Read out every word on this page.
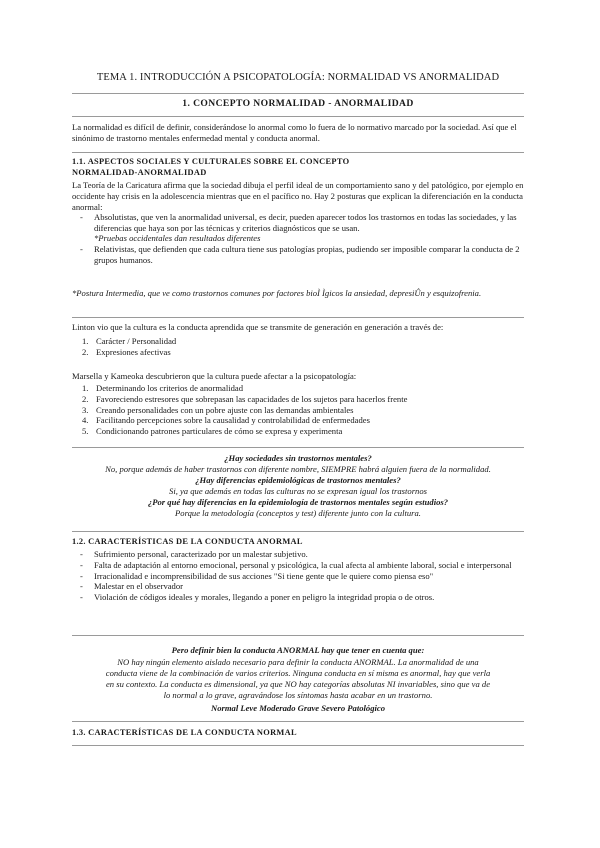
TEMA 1. INTRODUCCIÓN A PSICOPATOLOGÍA: NORMALIDAD VS ANORMALIDAD
1. CONCEPTO NORMALIDAD - ANORMALIDAD

La normalidad es difícil de definir, considerándose lo anormal como lo fuera de lo normativo marcado por la sociedad. Así que el sinónimo de trastorno mentales enfermedad mental y conducta anormal.

1.1. ASPECTOS SOCIALES Y CULTURALES SOBRE EL CONCEPTO NORMALIDAD-ANORMALIDAD

La Teoría de la Caricatura afirma que la sociedad dibuja el perfil ideal de un comportamiento sano y del patológico, por ejemplo en occidente hay crisis en la adolescencia mientras que en el pacífico no. Hay 2 posturas que explican la diferenciación en la conducta anormal:

- Absolutistas, que ven la anormalidad universal, es decir, pueden aparecer todos los trastornos en todas las sociedades, y las diferencias que haya son por las técnicas y criterios diagnósticos que se usan.

*Pruebas occidentales dan resultados diferentes

- Relativistas, que defienden que cada cultura tiene sus patologías propias, pudiendo ser imposible comparar la conducta de 2 grupos humanos.

*Postura Intermedia, que ve como trastornos comunes por factores bioÌ Ìgicos la ansiedad, depresiÛn y esquizofrenia.

Linton vio que la cultura es la conducta aprendida que se transmite de generación en generación a través de:

1. Carácter / Personalidad
2. Expresiones afectivas

Marsella y Kameoka descubrieron que la cultura puede afectar a la psicopatología:

1. Determinando los criterios de anormalidad
2. Favoreciendo estresores que sobrepasan las capacidades de los sujetos para hacerlos frente
3. Creando personalidades con un pobre ajuste con las demandas ambientales
4. Facilitando percepciones sobre la causalidad y controlabilidad de enfermedades
5. Condicionando patrones particulares de cómo se expresa y experimenta

¿Hay sociedades sin trastornos mentales?

No, porque además de haber trastornos con diferente nombre, SIEMPRE habrá alguien fuera de la normalidad.

¿Hay diferencias epidemiológicas de trastornos mentales?

Si, ya que además en todas las culturas no se expresan igual los trastornos

¿Por qué hay diferencias en la epidemiología de trastornos mentales según estudios?

Porque la metodología (conceptos y test) diferente junto con la cultura.

1.2. CARACTERÍSTICAS DE LA CONDUCTA ANORMAL

- Sufrimiento personal, caracterizado por un malestar subjetivo.
- Falta de adaptación al entorno emocional, personal y psicológica, la cual afecta al ambiente laboral, social e interpersonal
- Irracionalidad e incomprensibilidad de sus acciones "Si tiene gente que le quiere como piensa eso"
- Malestar en el observador
- Violación de códigos ideales y morales, llegando a poner en peligro la integridad propia o de otros.

Pero definir bien la conducta ANORMAL hay que tener en cuenta que:

NO hay ningún elemento aislado necesario para definir la conducta ANORMAL. La anormalidad de una

conducta viene de la combinación de varios criterios. Ninguna conducta en sí misma es anormal, hay que verla

en su contexto. La conducta es dimensional, ya que NO hay categorías absolutas NI invariables, sino que va de

lo normal a lo grave, agravándose los síntomas hasta acabar en un trastorno.

Normal Leve Moderado Grave Severo Patológico

1.3. CARACTERÍSTICAS DE LA CONDUCTA NORMAL
